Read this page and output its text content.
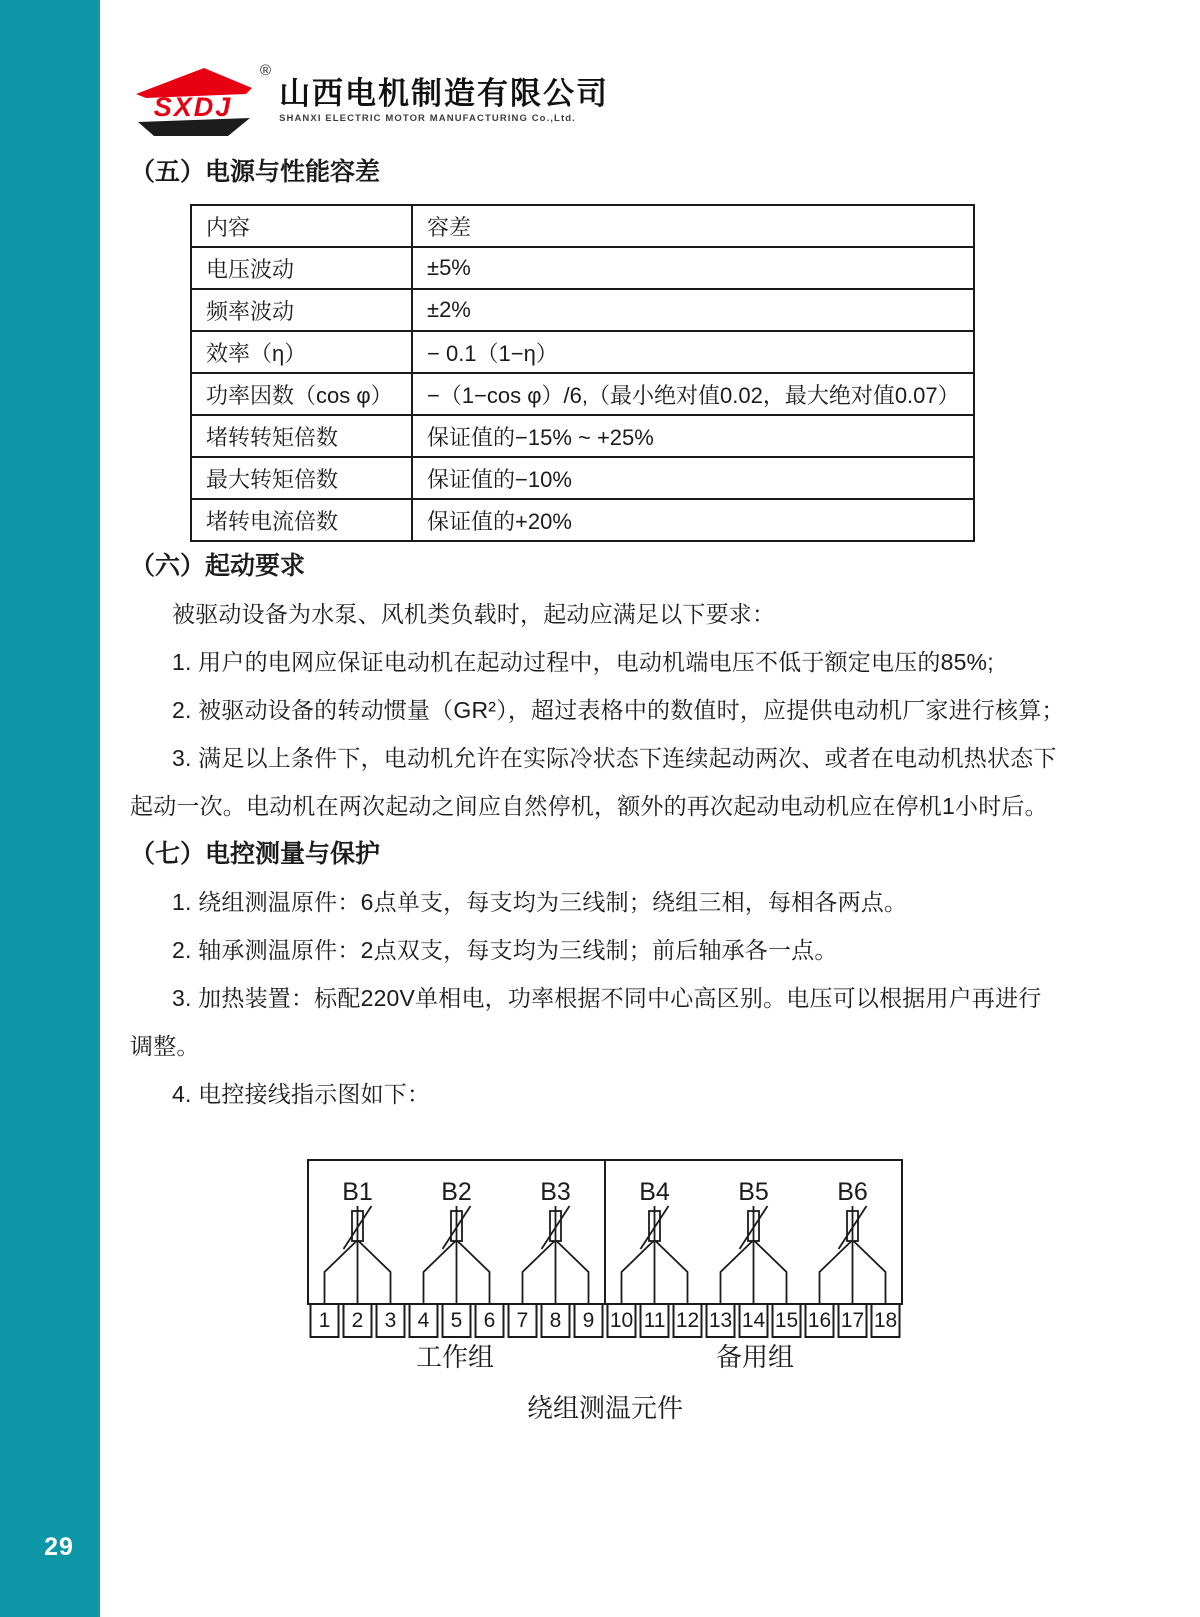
29
SXDJ
®
山西电机制造有限公司
SHANXI ELECTRIC MOTOR MANUFACTURING Co.,Ltd.
（五）电源与性能容差
内容	容差
电压波动	±5%
频率波动	±2%
效率（η）	− 0.1（1−η）
功率因数（cos φ）	−（1−cos φ）/6,（最小绝对值0.02，最大绝对值0.07）
堵转转矩倍数	保证值的−15% ~ +25%
最大转矩倍数	保证值的−10%
堵转电流倍数	保证值的+20%
（六）起动要求

被驱动设备为水泵、风机类负载时，起动应满足以下要求：

1. 用户的电网应保证电动机在起动过程中，电动机端电压不低于额定电压的85%;

2. 被驱动设备的转动惯量（GR²），超过表格中的数值时，应提供电动机厂家进行核算；

3. 满足以上条件下，电动机允许在实际冷状态下连续起动两次、或者在电动机热状态下

起动一次。电动机在两次起动之间应自然停机，额外的再次起动电动机应在停机1小时后。

（七）电控测量与保护

1. 绕组测温原件：6点单支，每支均为三线制；绕组三相，每相各两点。

2. 轴承测温原件：2点双支，每支均为三线制；前后轴承各一点。

3. 加热装置：标配220V单相电，功率根据不同中心高区别。电压可以根据用户再进行

调整。

4. 电控接线指示图如下：

1 2 3 4 5 6 7 8 9 10 11 12 13 14 15 16 17 18
B1	B2	B3	B4	B5	B6
工作组	备用组
绕组测温元件
